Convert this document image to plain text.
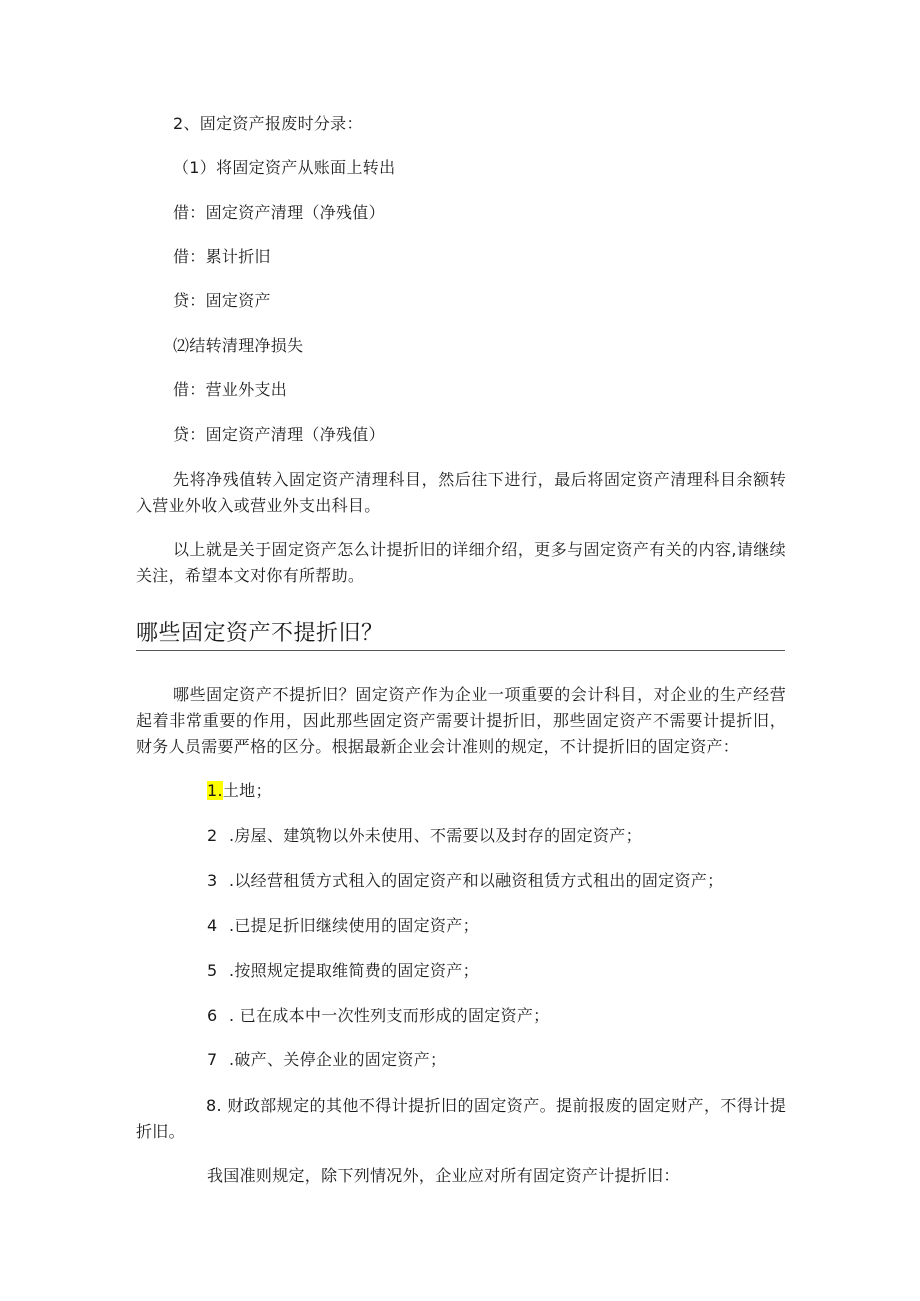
2、固定资产报废时分录：
（1）将固定资产从账面上转出
借：固定资产清理（净残值）
借：累计折旧
贷：固定资产
⑵结转清理净损失
借：营业外支出
贷：固定资产清理（净残值）
先将净残值转入固定资产清理科目，然后往下进行，最后将固定资产清理科目余额转入营业外收入或营业外支出科目。
以上就是关于固定资产怎么计提折旧的详细介绍，更多与固定资产有关的内容,请继续关注，希望本文对你有所帮助。
哪些固定资产不提折旧？
哪些固定资产不提折旧？固定资产作为企业一项重要的会计科目，对企业的生产经营起着非常重要的作用，因此那些固定资产需要计提折旧，那些固定资产不需要计提折旧，财务人员需要严格的区分。根据最新企业会计准则的规定，不计提折旧的固定资产：
1.土地；
2 .房屋、建筑物以外未使用、不需要以及封存的固定资产；
3 .以经营租赁方式租入的固定资产和以融资租赁方式租出的固定资产；
4 .已提足折旧继续使用的固定资产；
5 .按照规定提取维简费的固定资产；
6 . 已在成本中一次性列支而形成的固定资产；
7 .破产、关停企业的固定资产；
8. 财政部规定的其他不得计提折旧的固定资产。提前报废的固定财产，不得计提折旧。
我国准则规定，除下列情况外，企业应对所有固定资产计提折旧：
